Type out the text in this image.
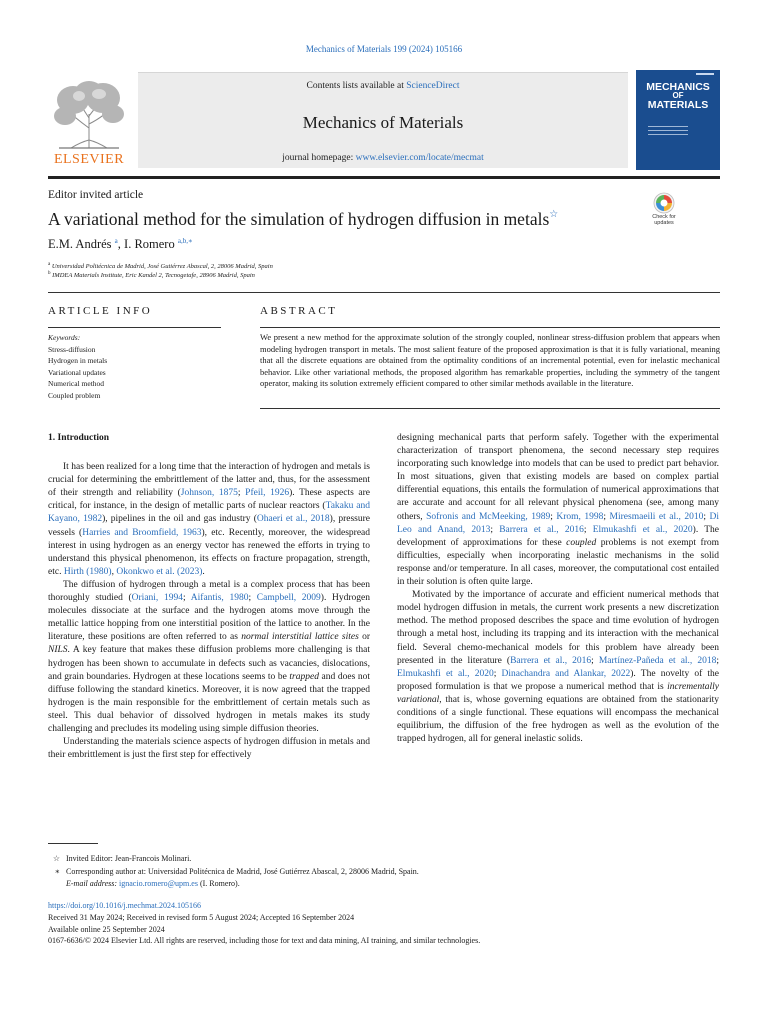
Mechanics of Materials 199 (2024) 105166
ELSEVIER
Contents lists available at ScienceDirect
Mechanics of Materials
journal homepage: www.elsevier.com/locate/mecmat
MECHANICS
OF
MATERIALS
Editor invited article
A variational method for the simulation of hydrogen diffusion in metals☆	Check for updates
E.M. Andrés $^a$, I. Romero $^{a,b,∗}$
$^a$ Universidad Politécnica de Madrid, José Gutiérrez Abascal, 2, 28006 Madrid, Spain
$^b$ IMDEA Materials Institute, Eric Kandel 2, Tecnogetafe, 28906 Madrid, Spain
ARTICLE INFO	ABSTRACT
Keywords:
Stress-diffusion
Hydrogen in metals
Variational updates
Numerical method
Coupled problem
We present a new method for the approximate solution of the strongly coupled, nonlinear stress-diffusion problem that appears when modeling hydrogen transport in metals. The most salient feature of the proposed approximation is that it is fully variational, meaning that all the discrete equations are obtained from the optimality conditions of an incremental potential, even for inelastic mechanical behavior. Like other variational methods, the proposed algorithm has remarkable properties, including the symmetry of the tangent operator, making its solution extremely efficient compared to other similar methods available in the literature.
1. Introduction

It has been realized for a long time that the interaction of hydrogen and metals is crucial for determining the embrittlement of the latter and, thus, for the assessment of their strength and reliability (Johnson, 1875; Pfeil, 1926). These aspects are critical, for instance, in the design of metallic parts of nuclear reactors (Takaku and Kayano, 1982), pipelines in the oil and gas industry (Ohaeri et al., 2018), pressure vessels (Harries and Broomfield, 1963), etc. Recently, moreover, the widespread interest in using hydrogen as an energy vector has renewed the efforts in trying to understand this physical phenomenon, its effects on fracture propagation, strength, etc. Hirth (1980), Okonkwo et al. (2023).

The diffusion of hydrogen through a metal is a complex process that has been thoroughly studied (Oriani, 1994; Aifantis, 1980; Campbell, 2009). Hydrogen molecules dissociate at the surface and the hydrogen atoms move through the metallic lattice hopping from one interstitial position of the lattice to another. In the literature, these positions are often referred to as normal interstitial lattice sites or NILS. A key feature that makes these diffusion problems more challenging is that hydrogen has been shown to accumulate in defects such as vacancies, dislocations, and grain boundaries. Hydrogen at these locations seems to be trapped and does not diffuse following the standard kinetics. Moreover, it is now agreed that the trapped hydrogen is the main responsible for the embrittlement of certain metals such as steel. This dual behavior of dissolved hydrogen in metals makes its study challenging and precludes its modeling using simple diffusion theories.

Understanding the materials science aspects of hydrogen diffusion in metals and their embrittlement is just the first step for effectively

designing mechanical parts that perform safely. Together with the experimental characterization of transport phenomena, the second necessary step requires incorporating such knowledge into models that can be used to predict part behavior. In most situations, given that existing models are based on complex partial differential equations, this entails the formulation of numerical approximations that are accurate and account for all relevant physical phenomena (see, among many others, Sofronis and McMeeking, 1989; Krom, 1998; Miresmaeili et al., 2010; Di Leo and Anand, 2013; Barrera et al., 2016; Elmukashfi et al., 2020). The development of approximations for these coupled problems is not exempt from difficulties, especially when incorporating inelastic mechanisms in the solid response and/or temperature. In all cases, moreover, the computational cost entailed in their solution is often quite large.

Motivated by the importance of accurate and efficient numerical methods that model hydrogen diffusion in metals, the current work presents a new discretization method. The method proposed describes the space and time evolution of hydrogen through a metal host, including its trapping and its interaction with the mechanical field. Several chemo-mechanical models for this problem have already been presented in the literature (Barrera et al., 2016; Martínez-Pañeda et al., 2018; Elmukashfi et al., 2020; Dinachandra and Alankar, 2022). The novelty of the proposed formulation is that we propose a numerical method that is incrementally variational, that is, whose governing equations are obtained from the stationarity conditions of a single functional. These equations will encompass the mechanical equilibrium, the diffusion of the free hydrogen as well as the evolution of the trapped hydrogen, all for general inelastic solids.

☆ Invited Editor: Jean-Francois Molinari.
∗ Corresponding author at: Universidad Politécnica de Madrid, José Gutiérrez Abascal, 2, 28006 Madrid, Spain.
E-mail address: ignacio.romero@upm.es (I. Romero).
https://doi.org/10.1016/j.mechmat.2024.105166
Received 31 May 2024; Received in revised form 5 August 2024; Accepted 16 September 2024
Available online 25 September 2024
0167-6636/© 2024 Elsevier Ltd. All rights are reserved, including those for text and data mining, AI training, and similar technologies.
